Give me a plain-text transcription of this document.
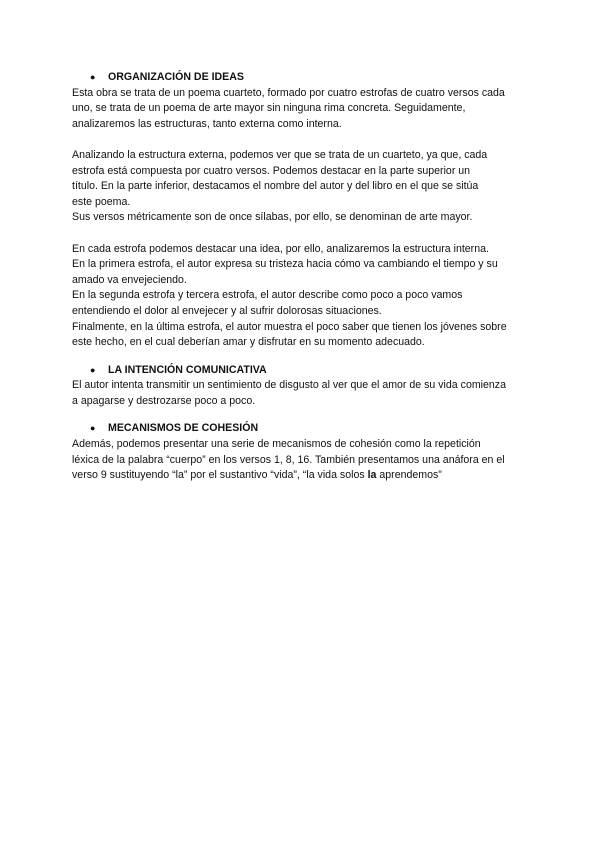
● ORGANIZACIÓN DE IDEAS

Esta obra se trata de un poema cuarteto, formado por cuatro estrofas de cuatro versos cada
uno, se trata de un poema de arte mayor sin ninguna rima concreta. Seguidamente,
analizaremos las estructuras, tanto externa como interna.

Analizando la estructura externa, podemos ver que se trata de un cuarteto, ya que, cada
estrofa está compuesta por cuatro versos. Podemos destacar en la parte superior un
título. En la parte inferior, destacamos el nombre del autor y del libro en el que se sitúa
este poema.
Sus versos métricamente son de once sílabas, por ello, se denominan de arte mayor.

En cada estrofa podemos destacar una idea, por ello, analizaremos la estructura interna.
En la primera estrofa, el autor expresa su tristeza hacia cómo va cambiando el tiempo y su
amado va envejeciendo.
En la segunda estrofa y tercera estrofa, el autor describe como poco a poco vamos
entendiendo el dolor al envejecer y al sufrir dolorosas situaciones.
Finalmente, en la última estrofa, el autor muestra el poco saber que tienen los jóvenes sobre
este hecho, en el cual deberían amar y disfrutar en su momento adecuado.

● LA INTENCIÓN COMUNICATIVA

El autor intenta transmitir un sentimiento de disgusto al ver que el amor de su vida comienza
a apagarse y destrozarse poco a poco.

● MECANISMOS DE COHESIÓN

Además, podemos presentar una serie de mecanismos de cohesión como la repetición
léxica de la palabra “cuerpo” en los versos 1, 8, 16. También presentamos una anáfora en el
verso 9 sustituyendo “la” por el sustantivo “vida”, “la vida solos la aprendemos”
